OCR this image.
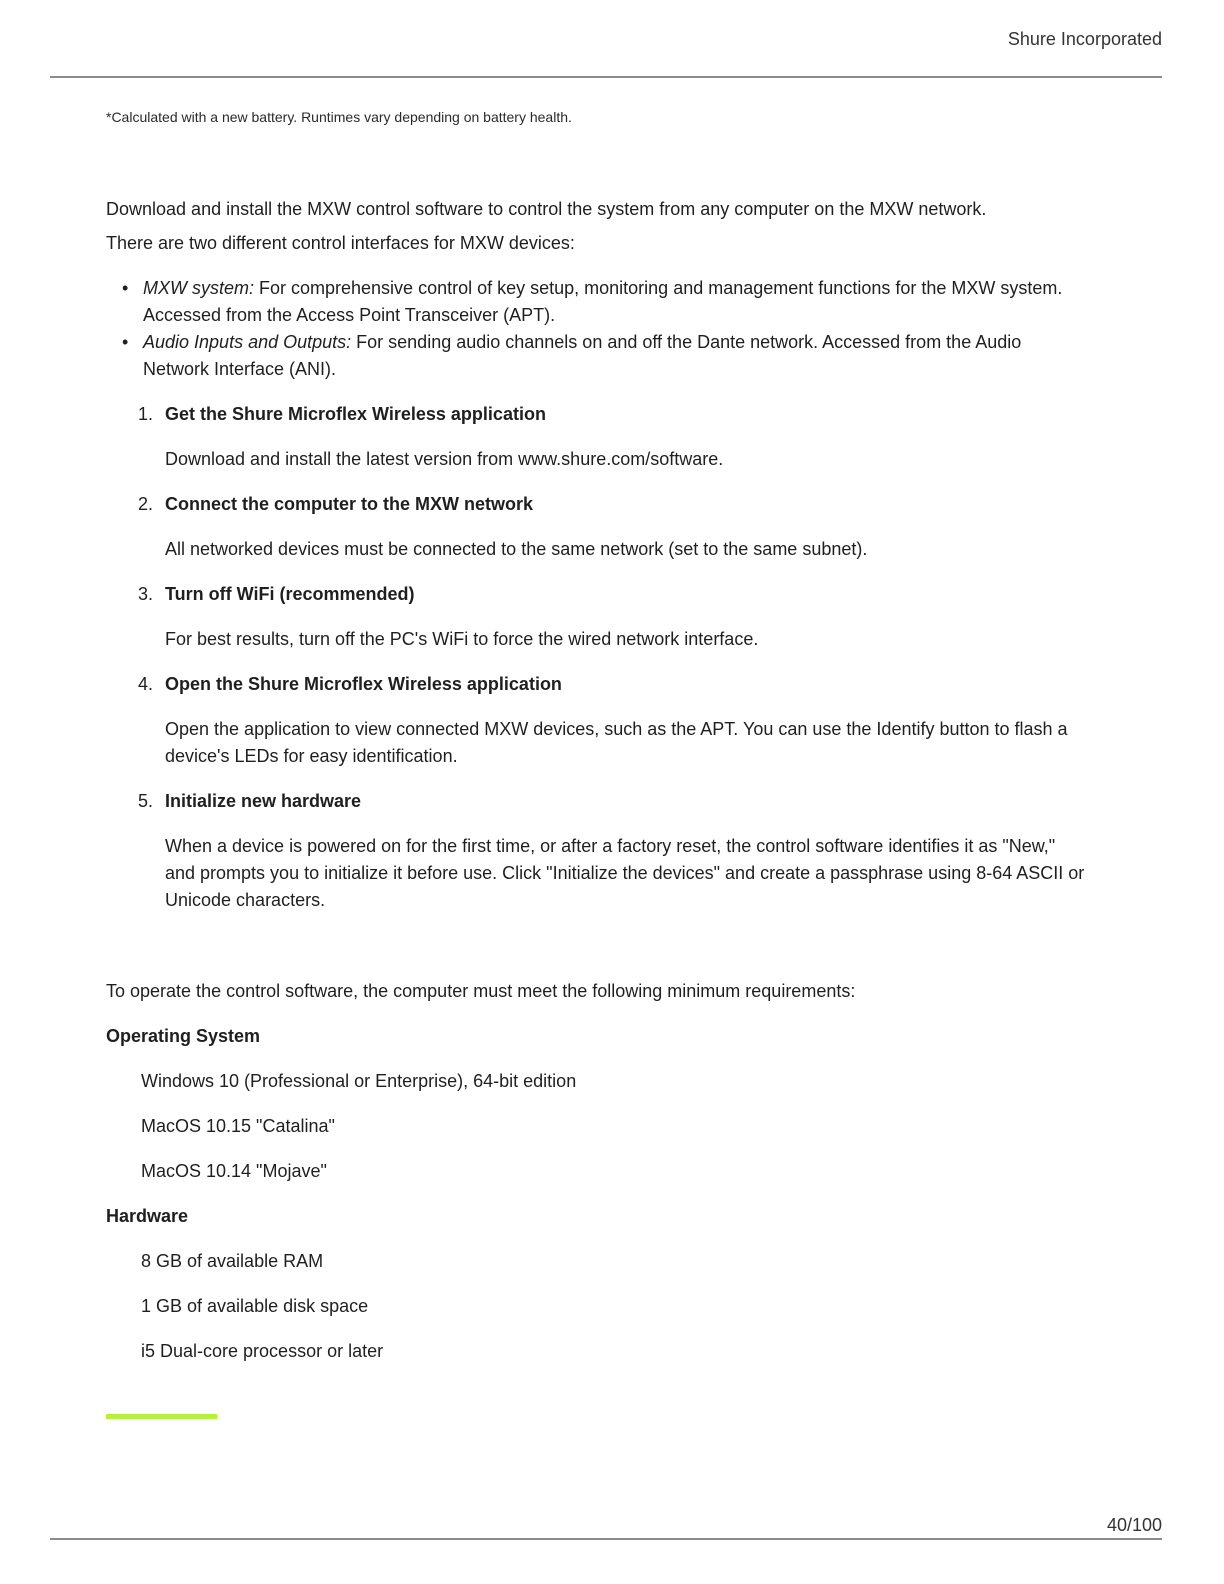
Shure Incorporated
*Calculated with a new battery. Runtimes vary depending on battery health.

Download and install the MXW control software to control the system from any computer on the MXW network.

There are two different control interfaces for MXW devices:

• MXW system: For comprehensive control of key setup, monitoring and management functions for the MXW system. Accessed from the Access Point Transceiver (APT).
• Audio Inputs and Outputs: For sending audio channels on and off the Dante network. Accessed from the Audio Network Interface (ANI).
1. Get the Shure Microflex Wireless application

Download and install the latest version from www.shure.com/software.

2. Connect the computer to the MXW network

All networked devices must be connected to the same network (set to the same subnet).

3. Turn off WiFi (recommended)

For best results, turn off the PC's WiFi to force the wired network interface.

4. Open the Shure Microflex Wireless application

Open the application to view connected MXW devices, such as the APT. You can use the Identify button to flash a device's LEDs for easy identification.

5. Initialize new hardware

When a device is powered on for the first time, or after a factory reset, the control software identifies it as "New," and prompts you to initialize it before use. Click "Initialize the devices" and create a passphrase using 8-64 ASCII or Unicode characters.

To operate the control software, the computer must meet the following minimum requirements:

Operating System

Windows 10 (Professional or Enterprise), 64-bit edition

MacOS 10.15 "Catalina"

MacOS 10.14 "Mojave"

Hardware

8 GB of available RAM

1 GB of available disk space

i5 Dual-core processor or later

40/100
